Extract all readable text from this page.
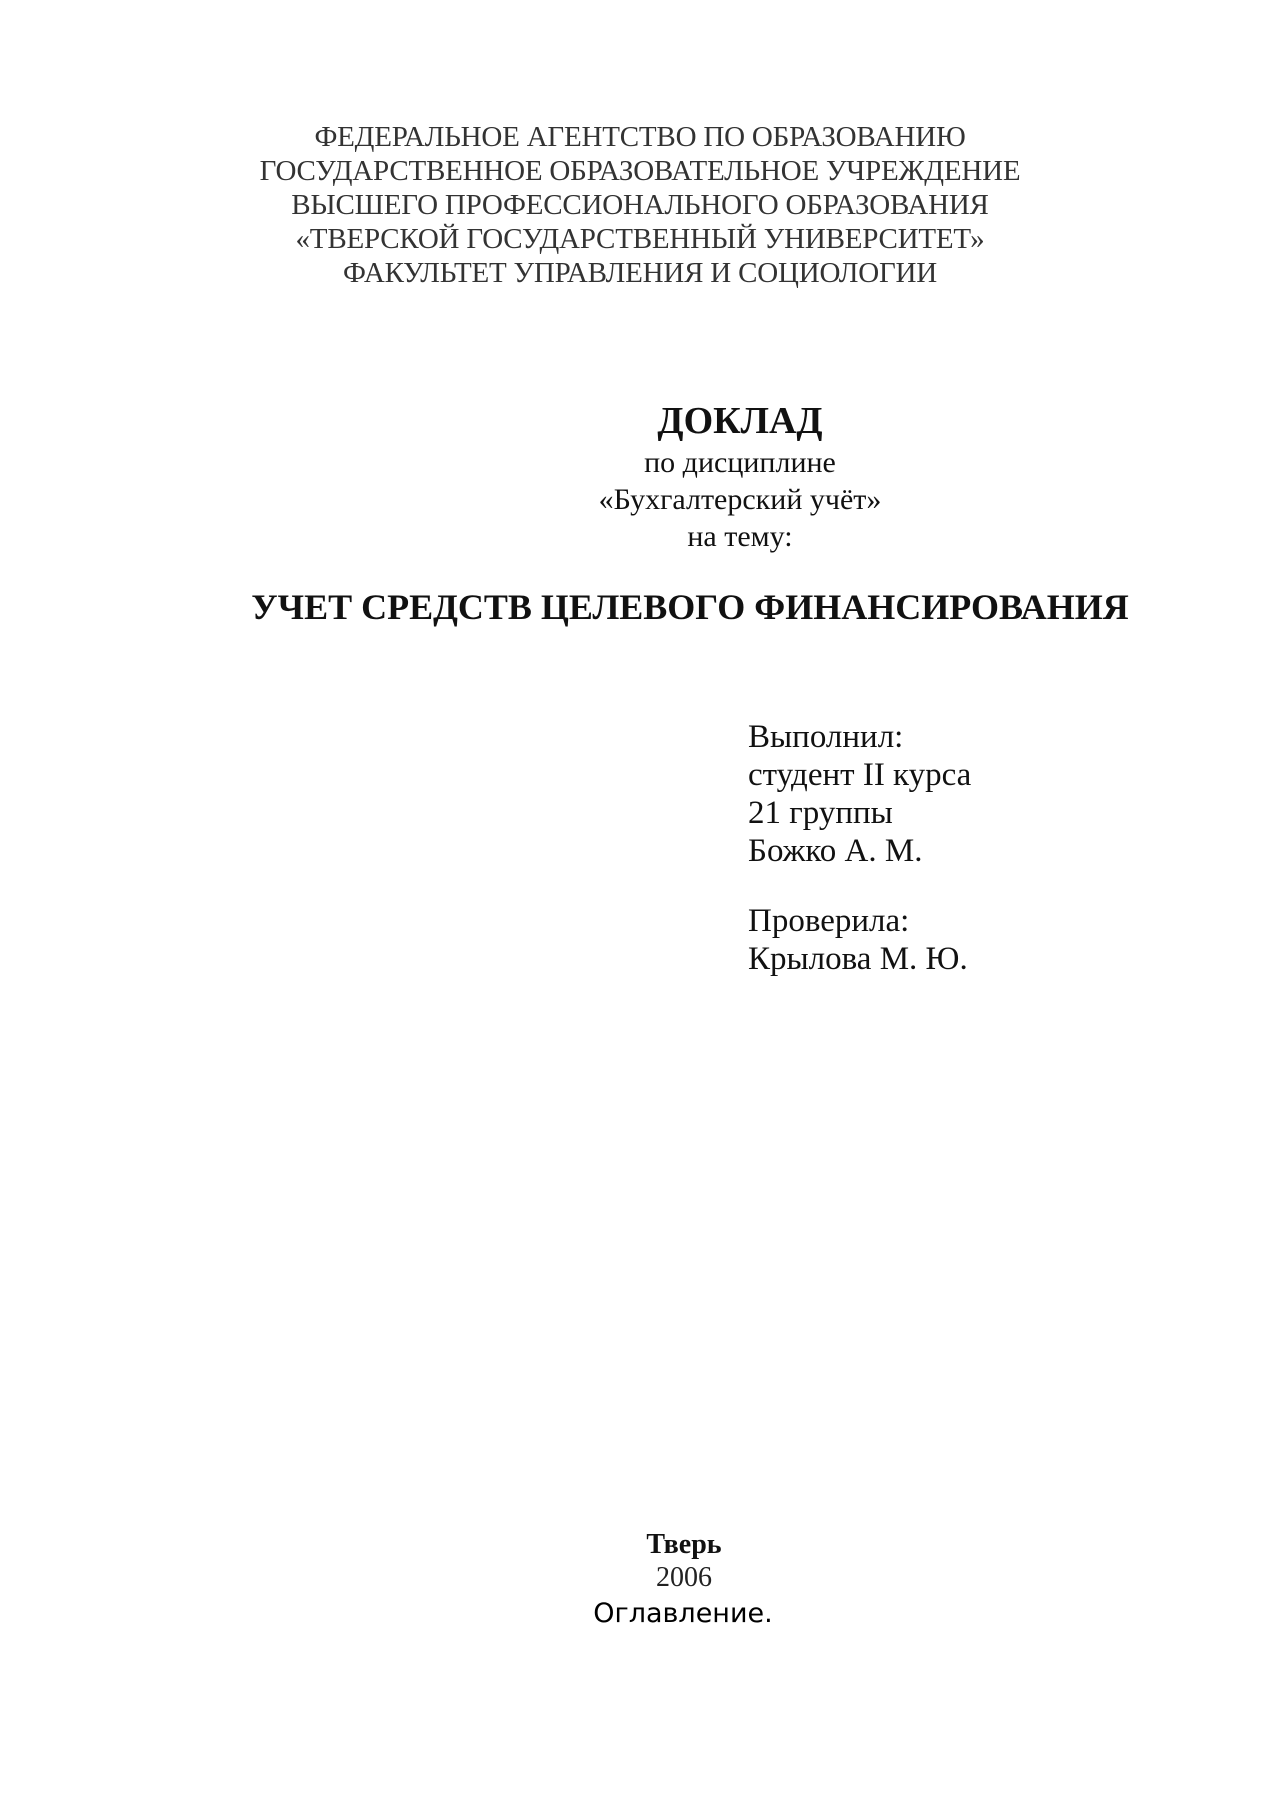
ФЕДЕРАЛЬНОЕ АГЕНТСТВО ПО ОБРАЗОВАНИЮ
ГОСУДАРСТВЕННОЕ ОБРАЗОВАТЕЛЬНОЕ УЧРЕЖДЕНИЕ
ВЫСШЕГО ПРОФЕССИОНАЛЬНОГО ОБРАЗОВАНИЯ
«ТВЕРСКОЙ ГОСУДАРСТВЕННЫЙ УНИВЕРСИТЕТ»
ФАКУЛЬТЕТ УПРАВЛЕНИЯ И СОЦИОЛОГИИ
ДОКЛАД
по дисциплине
«Бухгалтерский учёт»
на тему:
УЧЕТ СРЕДСТВ ЦЕЛЕВОГО ФИНАНСИРОВАНИЯ
Выполнил:
студент II курса
21 группы
Божко А. М.
Проверила:
Крылова М. Ю.
Тверь
2006
Оглавление.
